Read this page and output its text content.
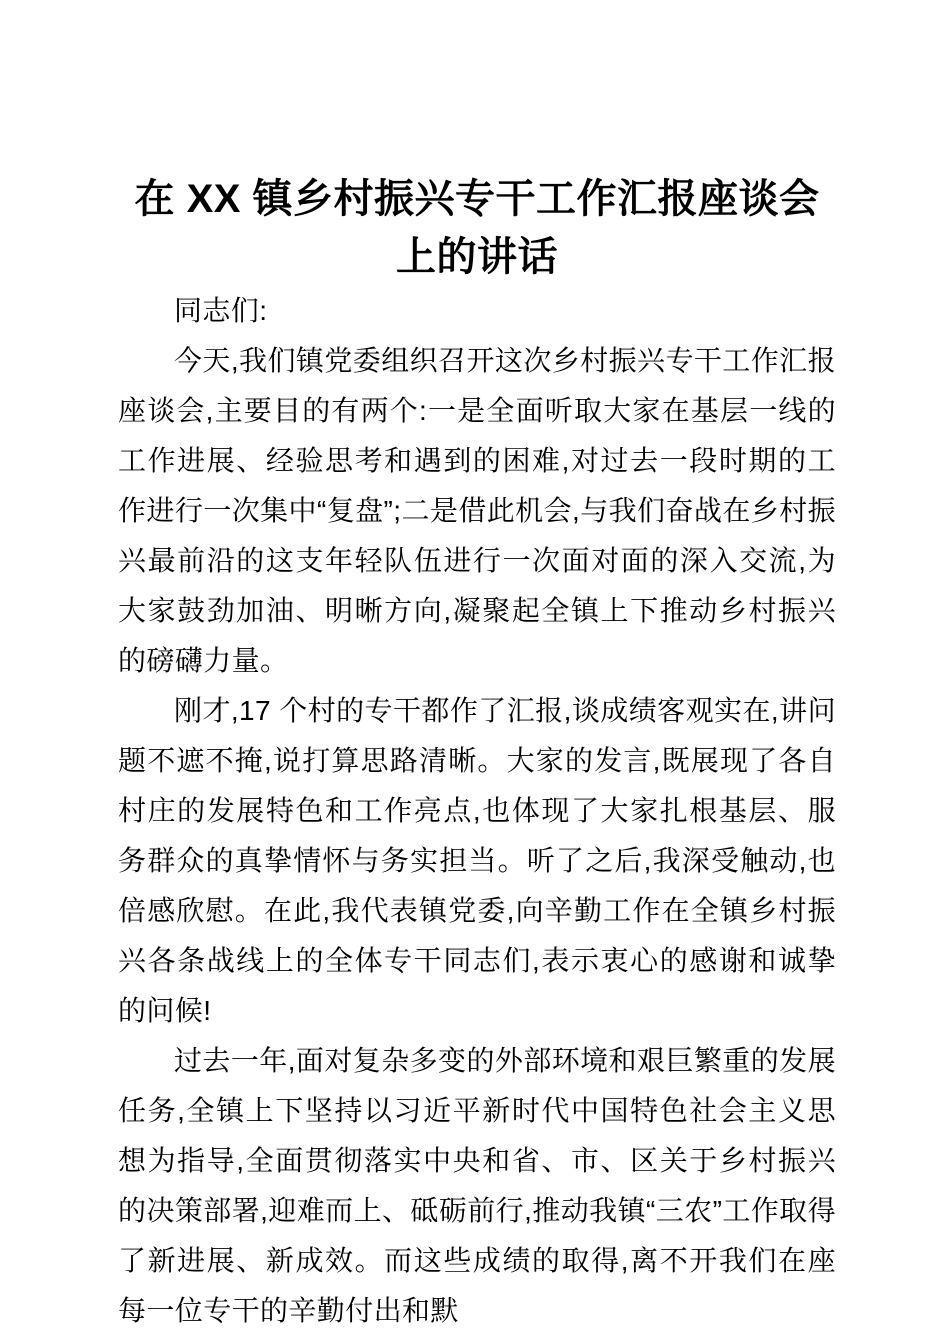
在 XX 镇乡村振兴专干工作汇报座谈会上的讲话

同志们:

今天,我们镇党委组织召开这次乡村振兴专干工作汇报座谈会,主要目的有两个:一是全面听取大家在基层一线的工作进展、经验思考和遇到的困难,对过去一段时期的工作进行一次集中“复盘”;二是借此机会,与我们奋战在乡村振兴最前沿的这支年轻队伍进行一次面对面的深入交流,为大家鼓劲加油、明晰方向,凝聚起全镇上下推动乡村振兴的磅礴力量。

刚才,17 个村的专干都作了汇报,谈成绩客观实在,讲问题不遮不掩,说打算思路清晰。大家的发言,既展现了各自村庄的发展特色和工作亮点,也体现了大家扎根基层、服务群众的真挚情怀与务实担当。听了之后,我深受触动,也倍感欣慰。在此,我代表镇党委,向辛勤工作在全镇乡村振兴各条战线上的全体专干同志们,表示衷心的感谢和诚挚的问候!

过去一年,面对复杂多变的外部环境和艰巨繁重的发展任务,全镇上下坚持以习近平新时代中国特色社会主义思想为指导,全面贯彻落实中央和省、市、区关于乡村振兴的决策部署,迎难而上、砥砺前行,推动我镇“三农”工作取得了新进展、新成效。而这些成绩的取得,离不开我们在座每一位专干的辛勤付出和默
